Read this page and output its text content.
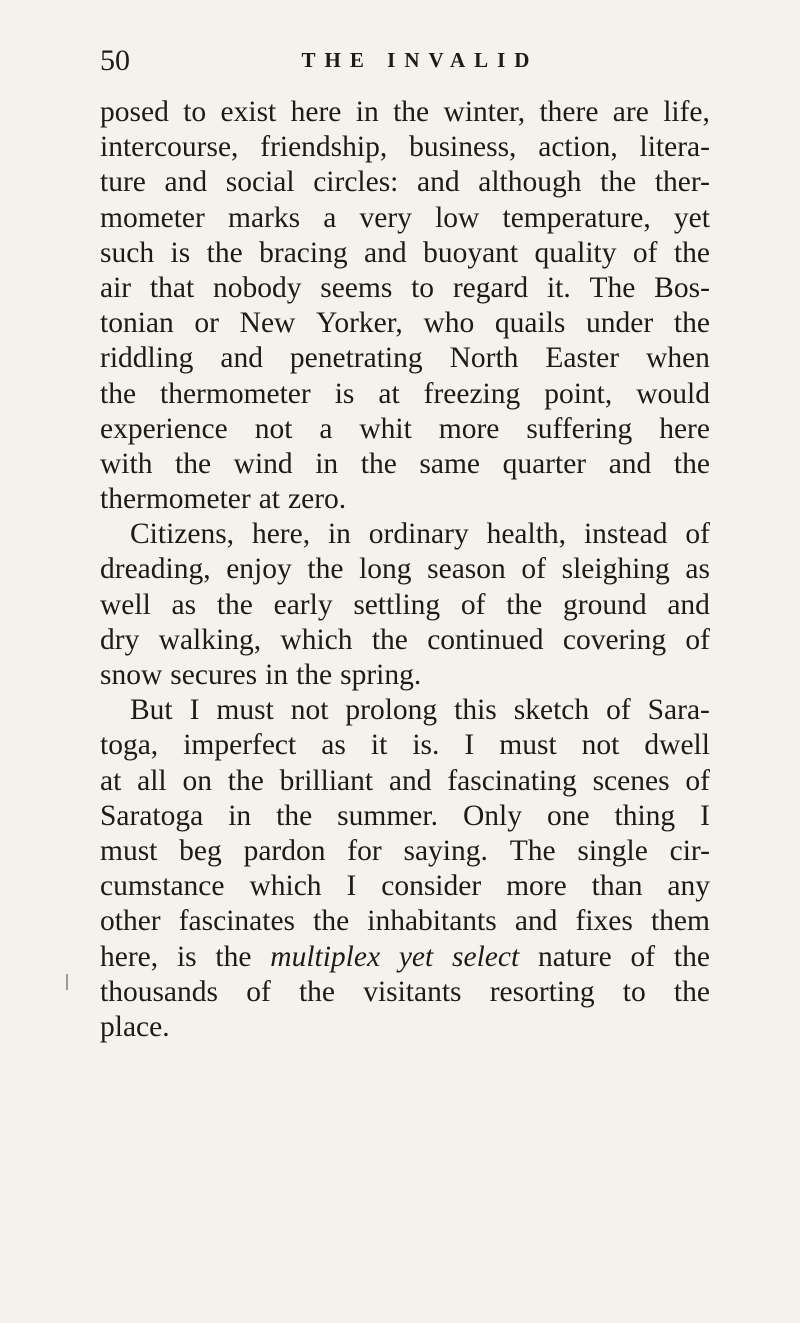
50	THE INVALID
posed to exist here in the winter, there are life,
intercourse, friendship, business, action, litera-
ture and social circles: and although the ther-
mometer marks a very low temperature, yet
such is the bracing and buoyant quality of the
air that nobody seems to regard it. The Bos-
tonian or New Yorker, who quails under the
riddling and penetrating North Easter when
the thermometer is at freezing point, would
experience not a whit more suffering here
with the wind in the same quarter and the
thermometer at zero.
Citizens, here, in ordinary health, instead of
dreading, enjoy the long season of sleighing as
well as the early settling of the ground and
dry walking, which the continued covering of
snow secures in the spring.
But I must not prolong this sketch of Sara-
toga, imperfect as it is. I must not dwell
at all on the brilliant and fascinating scenes of
Saratoga in the summer. Only one thing I
must beg pardon for saying. The single cir-
cumstance which I consider more than any
other fascinates the inhabitants and fixes them
here, is the multiplex yet select nature of the
thousands of the visitants resorting to the
place.
